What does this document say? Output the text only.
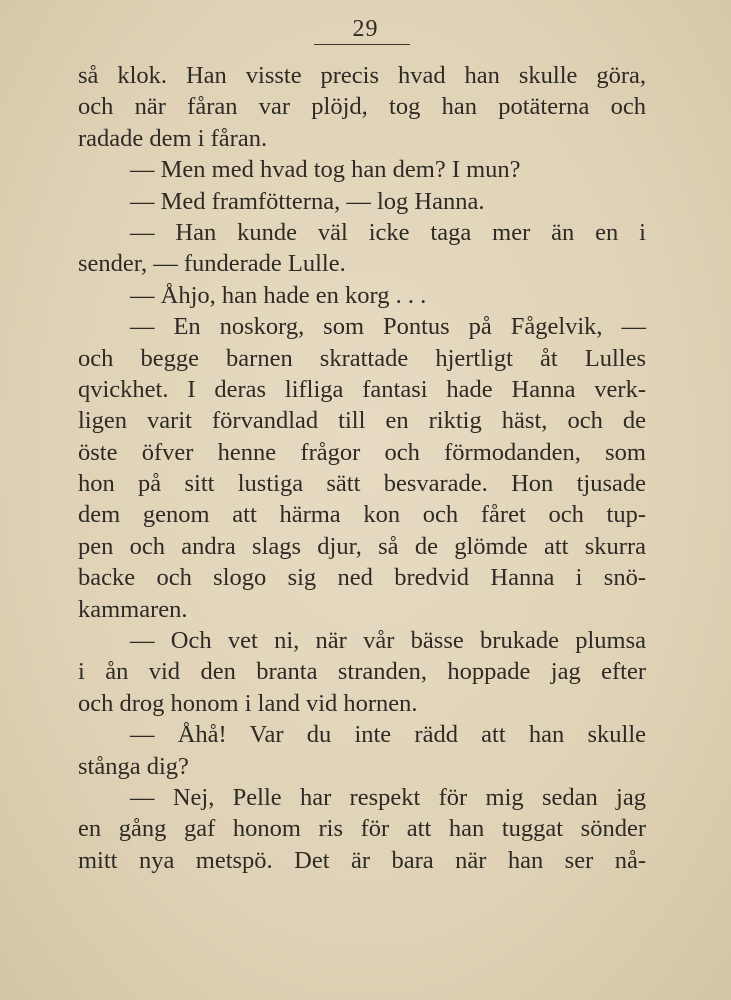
29
så klok. Han visste precis hvad han skulle göra,
och när fåran var plöjd, tog han potäterna och
radade dem i fåran.
— Men med hvad tog han dem? I mun?
— Med framfötterna, — log Hanna.
— Han kunde väl icke taga mer än en i
sender, — funderade Lulle.
— Åhjo, han hade en korg . . .
— En noskorg, som Pontus på Fågelvik, —
och begge barnen skrattade hjertligt åt Lulles
qvickhet. I deras lifliga fantasi hade Hanna verk-
ligen varit förvandlad till en riktig häst, och de
öste öfver henne frågor och förmodanden, som
hon på sitt lustiga sätt besvarade. Hon tjusade
dem genom att härma kon och fåret och tup-
pen och andra slags djur, så de glömde att skurra
backe och slogo sig ned bredvid Hanna i snö-
kammaren.
— Och vet ni, när vår bässe brukade plumsa
i ån vid den branta stranden, hoppade jag efter
och drog honom i land vid hornen.
— Åhå! Var du inte rädd att han skulle
stånga dig?
— Nej, Pelle har respekt för mig sedan jag
en gång gaf honom ris för att han tuggat sönder
mitt nya metspö. Det är bara när han ser nå-
